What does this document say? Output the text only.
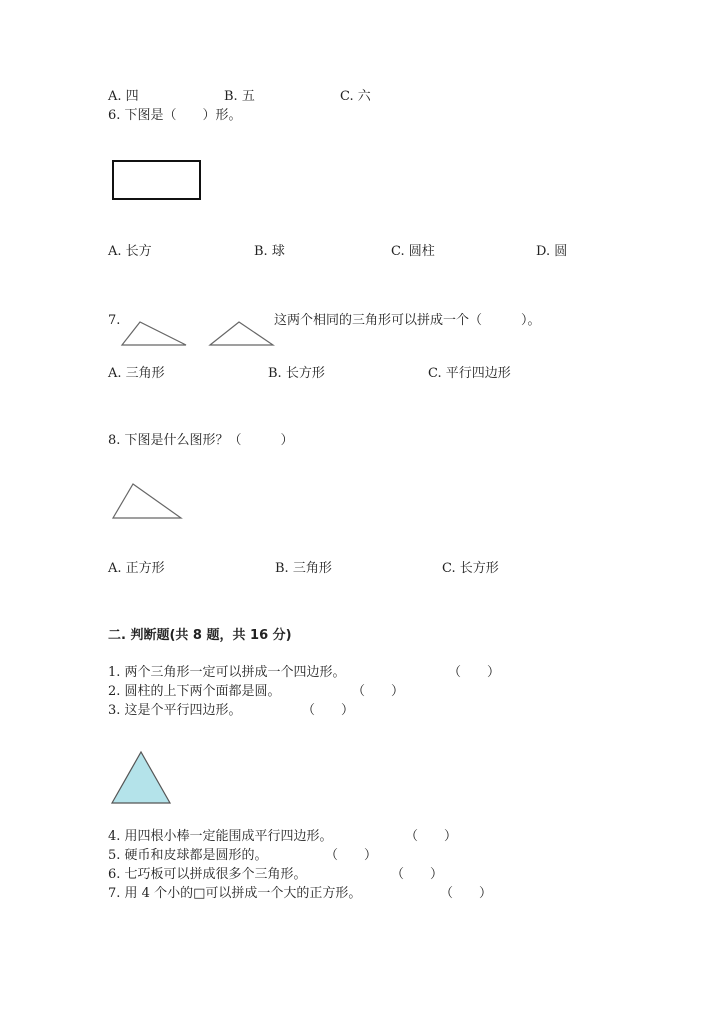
A. 四	B. 五	C. 六
6. 下图是（　　）形。
A. 长方	B. 球	C. 圆柱	D. 圆
7.	这两个相同的三角形可以拼成一个（　　　）。
A. 三角形	B. 长方形	C. 平行四边形
8. 下图是什么图形？（　　　）
A. 正方形	B. 三角形	C. 长方形
二. 判断题(共 8 题，共 16 分)
1. 两个三角形一定可以拼成一个四边形。	（　　）
2. 圆柱的上下两个面都是圆。	（　　）
3. 这是个平行四边形。	（　　）
4. 用四根小棒一定能围成平行四边形。	（　　）
5. 硬币和皮球都是圆形的。	（　　）
6. 七巧板可以拼成很多个三角形。	（　　）
7. 用 4 个小的□可以拼成一个大的正方形。	（　　）
